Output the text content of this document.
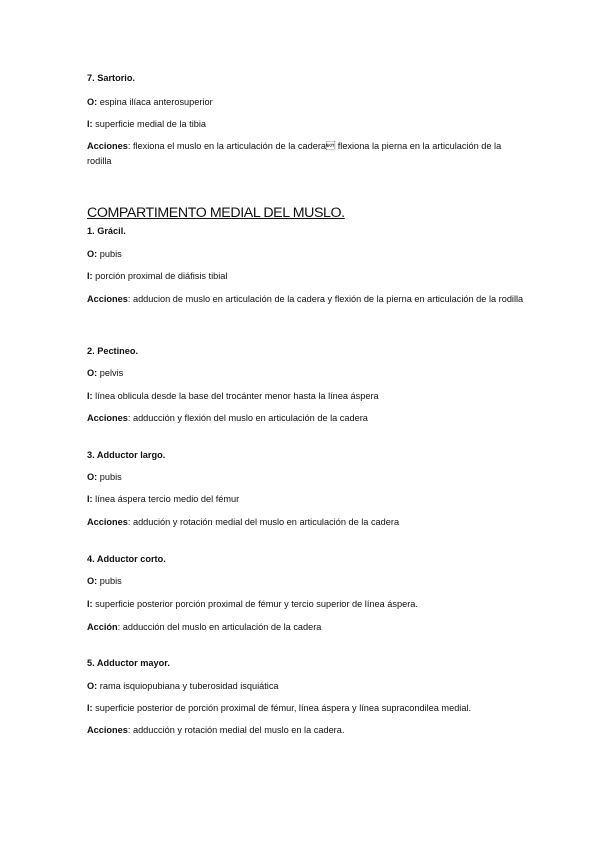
7. Sartorio.
O: espina ilíaca anterosuperior
I: superficie medial de la tibia
Acciones: flexiona el muslo en la articulación de la cadera flexiona la pierna en la articulación de la rodilla
COMPARTIMENTO MEDIAL DEL MUSLO.
1. Grácil.
O: pubis
I: porción proximal de diáfisis tibial
Acciones: adducion de muslo en articulación de la cadera y flexión de la pierna en articulación de la rodilla
2. Pectineo.
O: pelvis
I: línea oblicula desde la base del trocánter menor hasta la línea áspera
Acciones: adducción y flexión del muslo en articulación de la cadera
3. Adductor largo.
O: pubis
I: línea áspera tercio medio del fémur
Acciones: addución y rotación medial del muslo en articulación de la cadera
4. Adductor corto.
O: pubis
I: superficie posterior porción proximal de fémur y tercio superior de línea áspera.
Acción: adducción del muslo en articulación de la cadera
5. Adductor mayor.
O: rama isquiopubiana y tuberosidad isquiática
I: superficie posterior de porción proximal de fémur, línea áspera y línea supracondilea medial.
Acciones: adducción y rotación medial del muslo en la cadera.
